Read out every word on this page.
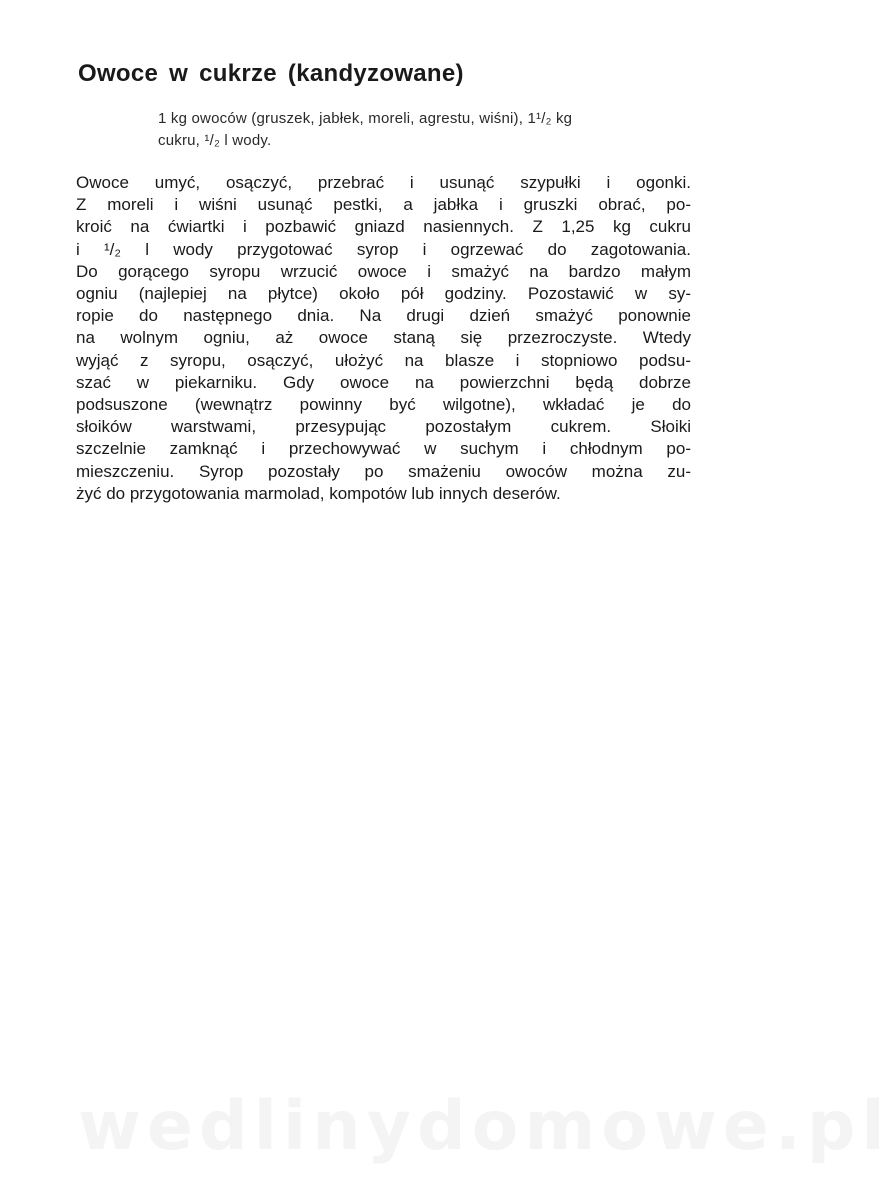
Owoce w cukrze (kandyzowane)

1 kg owoców (gruszek, jabłek, moreli, agrestu, wiśni), 1¹/₂ kg
cukru, ¹/₂ l wody.

Owoce umyć, osączyć, przebrać i usunąć szypułki i ogonki.
Z moreli i wiśni usunąć pestki, a jabłka i gruszki obrać, po-
kroić na ćwiartki i pozbawić gniazd nasiennych. Z 1,25 kg cukru
i ¹/₂ l wody przygotować syrop i ogrzewać do zagotowania.
Do gorącego syropu wrzucić owoce i smażyć na bardzo małym
ogniu (najlepiej na płytce) około pół godziny. Pozostawić w sy-
ropie do następnego dnia. Na drugi dzień smażyć ponownie
na wolnym ogniu, aż owoce staną się przezroczyste. Wtedy
wyjąć z syropu, osączyć, ułożyć na blasze i stopniowo podsu-
szać w piekarniku. Gdy owoce na powierzchni będą dobrze
podsuszone (wewnątrz powinny być wilgotne), wkładać je do
słoików warstwami, przesypując pozostałym cukrem. Słoiki
szczelnie zamknąć i przechowywać w suchym i chłodnym po-
mieszczeniu. Syrop pozostały po smażeniu owoców można zu-
żyć do przygotowania marmolad, kompotów lub innych deserów.
wedlinydomowe.pl
